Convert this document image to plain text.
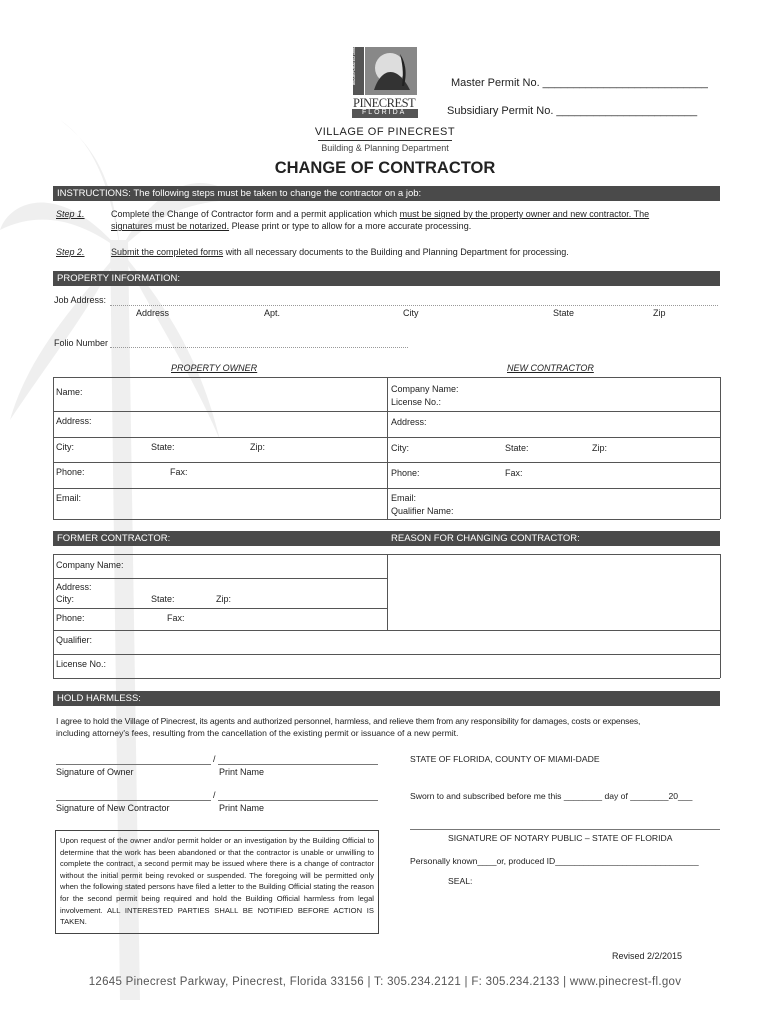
INCORPORATED 1996
PINECREST
FLORIDA
Master Permit No. ___________________________
Subsidiary Permit No. _______________________
VILLAGE OF PINECREST
Building & Planning Department
CHANGE OF CONTRACTOR
INSTRUCTIONS: The following steps must be taken to change the contractor on a job:
Step 1.	Complete the Change of Contractor form and a permit application which must be signed by the property owner and new contractor. The
signatures must be notarized. Please print or type to allow for a more accurate processing.
Step 2.	Submit the completed forms with all necessary documents to the Building and Planning Department for processing.
PROPERTY INFORMATION:
Job Address:
Address	Apt.	City	State	Zip
Folio Number
PROPERTY OWNER	NEW CONTRACTOR
Name:
Address:
City:	State:	Zip:
Phone:	Fax:
Email:
Company Name:
License No.:
Address:
City:	State:	Zip:
Phone:	Fax:
Email:
Qualifier Name:
FORMER CONTRACTOR:	REASON FOR CHANGING CONTRACTOR:
Company Name:
Address:
City:	State:	Zip:
Phone:	Fax:
Qualifier:
License No.:
HOLD HARMLESS:
I agree to hold the Village of Pinecrest, its agents and authorized personnel, harmless, and relieve them from any responsibility for damages, costs or expenses,
including attorney's fees, resulting from the cancellation of the existing permit or issuance of a new permit.
/
Signature of Owner	Print Name
/
Signature of New Contractor	Print Name
STATE OF FLORIDA, COUNTY OF MIAMI-DADE
Sworn to and subscribed before me this ________ day of ________20___
SIGNATURE OF NOTARY PUBLIC – STATE OF FLORIDA
Personally known____or, produced ID______________________________
SEAL:
Upon request of the owner and/or permit holder or an investigation by the Building Official to determine that the work has been abandoned or that the contractor is unable or unwilling to complete the contract, a second permit may be issued where there is a change of contractor without the initial permit being revoked or suspended. The foregoing will be permitted only when the following stated persons have filed a letter to the Building Official stating the reason for the second permit being required and hold the Building Official harmless from legal involvement. ALL INTERESTED PARTIES SHALL BE NOTIFIED BEFORE ACTION IS TAKEN.
Revised 2/2/2015
12645 Pinecrest Parkway, Pinecrest, Florida 33156 | T: 305.234.2121 | F: 305.234.2133 | www.pinecrest-fl.gov
